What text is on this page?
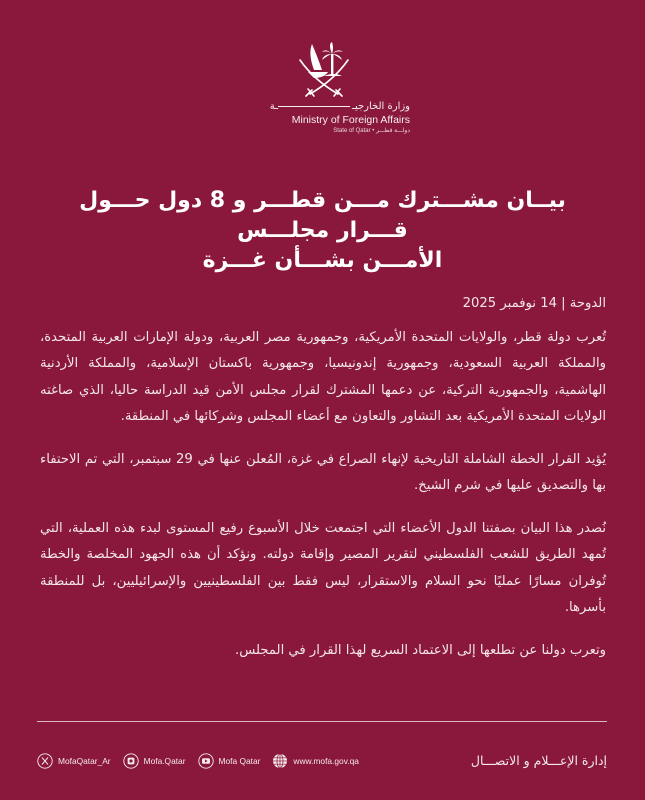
وزارة الخارجيــة
Ministry of Foreign Affairs
State of Qatar • دولـــة قطـــر
بيــان مشـــترك مـــن قطـــر و 8 دول حـــول قـــرار مجلـــس
الأمـــن بشـــأن غـــزة

الدوحة | 14 نوفمبر 2025

تُعرب دولة قطر، والولايات المتحدة الأمريكية، وجمهورية مصر العربية، ودولة الإمارات العربية المتحدة، والمملكة العربية السعودية، وجمهورية إندونيسيا، وجمهورية باكستان الإسلامية، والمملكة الأردنية الهاشمية، والجمهورية التركية، عن دعمها المشترك لقرار مجلس الأمن قيد الدراسة حاليا، الذي صاغته الولايات المتحدة الأمريكية بعد التشاور والتعاون مع أعضاء المجلس وشركائها في المنطقة.

يُؤيد القرار الخطة الشاملة التاريخية لإنهاء الصراع في غزة، المُعلن عنها في 29 سبتمبر، التي تم الاحتفاء بها والتصديق عليها في شرم الشيخ.

نُصدر هذا البيان بصفتنا الدول الأعضاء التي اجتمعت خلال الأسبوع رفيع المستوى لبدء هذه العملية، التي تُمهد الطريق للشعب الفلسطيني لتقرير المصير وإقامة دولته. ونؤكد أن هذه الجهود المخلصة والخطة تُوفران مسارًا عمليًا نحو السلام والاستقرار، ليس فقط بين الفلسطينيين والإسرائيليين، بل للمنطقة بأسرها.

وتعرب دولنا عن تطلعها إلى الاعتماد السريع لهذا القرار في المجلس.

MofaQatar_Ar	Mofa.Qatar	Mofa Qatar	www.mofa.gov.qa	إدارة الإعـــلام و الاتصـــال
